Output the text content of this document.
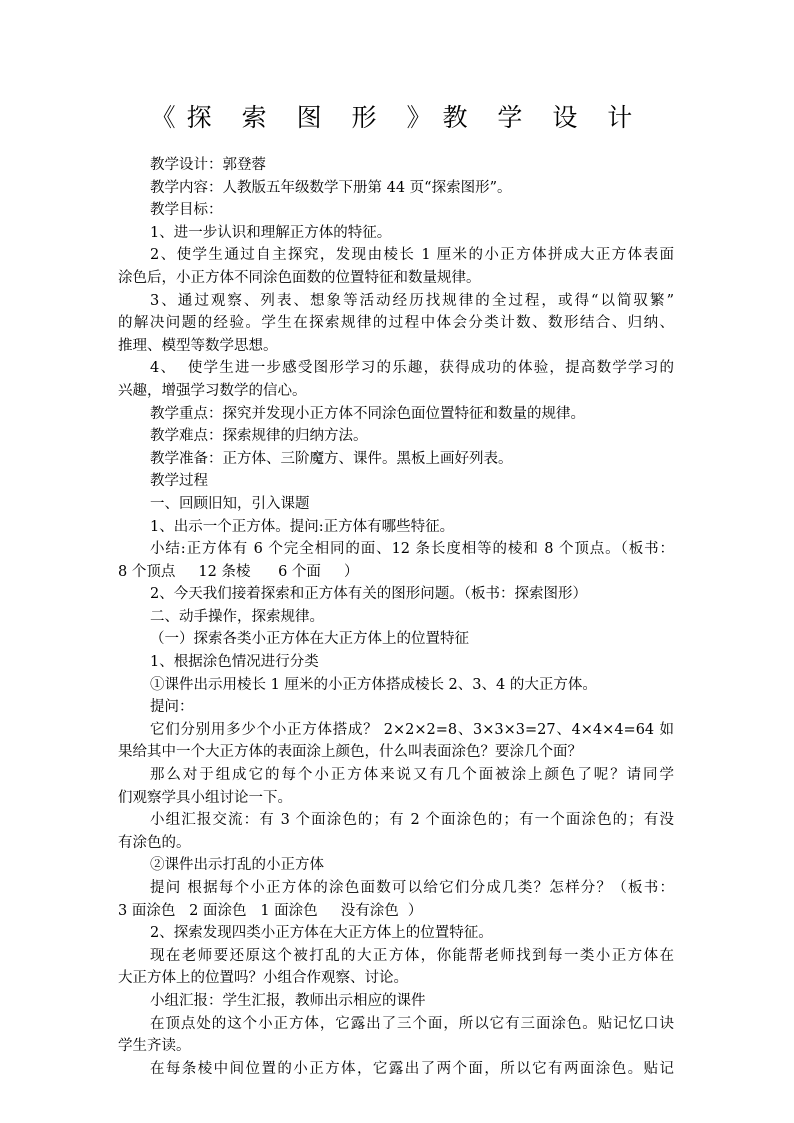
《探 索 图 形 》教 学 设 计
教学设计：郭登蓉
教学内容：人教版五年级数学下册第 44 页“探索图形”。
教学目标：
1、进一步认识和理解正方体的特征。
2、使学生通过自主探究，发现由棱长 1 厘米的小正方体拼成大正方体表面
涂色后，小正方体不同涂色面数的位置特征和数量规律。
3、通过观察、列表、想象等活动经历找规律的全过程，或得“以简驭繁”
的解决问题的经验。学生在探索规律的过程中体会分类计数、数形结合、归纳、
推理、模型等数学思想。
4、  使学生进一步感受图形学习的乐趣，获得成功的体验，提高数学学习的
兴趣，增强学习数学的信心。
教学重点：探究并发现小正方体不同涂色面位置特征和数量的规律。
教学难点：探索规律的归纳方法。
教学准备：正方体、三阶魔方、课件。黑板上画好列表。
教学过程
一、回顾旧知，引入课题
1、出示一个正方体。提问:正方体有哪些特征。
小结:正方体有 6 个完全相同的面、12 条长度相等的棱和 8 个顶点。（板书：
8 个顶点     12 条棱      6 个面     ）
2、今天我们接着探索和正方体有关的图形问题。（板书：探索图形）
二、动手操作，探索规律。
（一）探索各类小正方体在大正方体上的位置特征
1、根据涂色情况进行分类
①课件出示用棱长 1 厘米的小正方体搭成棱长 2、3、4 的大正方体。
提问：
它们分别用多少个小正方体搭成？ 2×2×2=8、3×3×3=27、4×4×4=64 如
果给其中一个大正方体的表面涂上颜色，什么叫表面涂色？要涂几个面？
那么对于组成它的每个小正方体来说又有几个面被涂上颜色了呢？请同学
们观察学具小组讨论一下。
小组汇报交流：有 3 个面涂色的；有 2 个面涂色的；有一个面涂色的；有没
有涂色的。
②课件出示打乱的小正方体
提问 根据每个小正方体的涂色面数可以给它们分成几类？怎样分？（板书：
3 面涂色   2 面涂色   1 面涂色     没有涂色  ）
2、探索发现四类小正方体在大正方体上的位置特征。
现在老师要还原这个被打乱的大正方体，你能帮老师找到每一类小正方体在
大正方体上的位置吗？小组合作观察、讨论。
小组汇报：学生汇报，教师出示相应的课件
在顶点处的这个小正方体，它露出了三个面，所以它有三面涂色。贴记忆口诀
学生齐读。
在每条棱中间位置的小正方体，它露出了两个面，所以它有两面涂色。贴记
